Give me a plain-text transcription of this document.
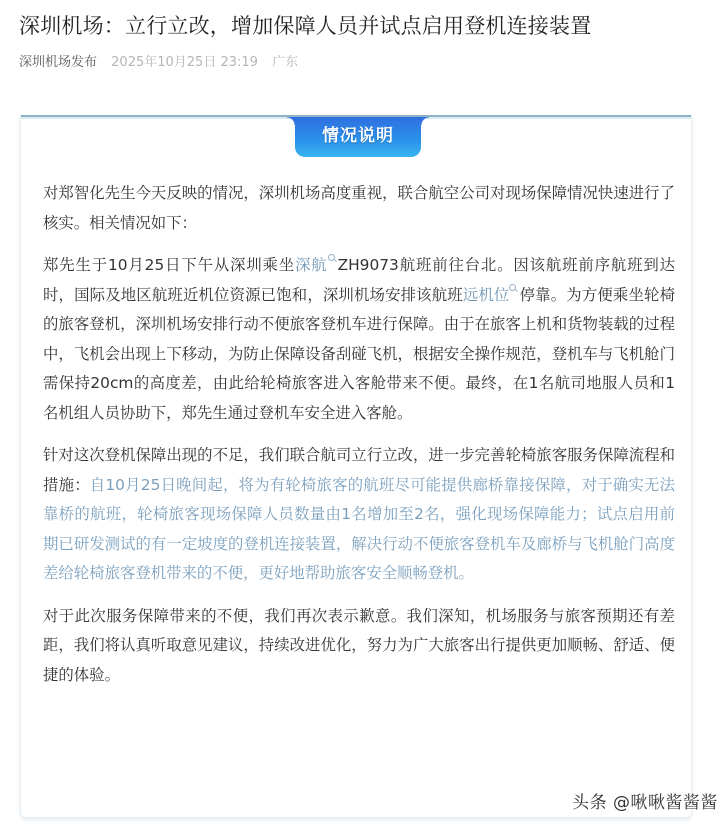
深圳机场：立行立改，增加保障人员并试点启用登机连接装置
深圳机场发布 2025年10月25日 23:19 广东
情况说明

对郑智化先生今天反映的情况，深圳机场高度重视，联合航空公司对现场保障情况快速进行了核实。相关情况如下：

郑先生于10月25日下午从深圳乘坐深航 ZH9073航班前往台北。因该航班前序航班到达时，国际及地区航班近机位资源已饱和，深圳机场安排该航班远机位 停靠。为方便乘坐轮椅的旅客登机，深圳机场安排行动不便旅客登机车进行保障。由于在旅客上机和货物装载的过程中，飞机会出现上下移动，为防止保障设备刮碰飞机，根据安全操作规范，登机车与飞机舱门需保持20cm的高度差，由此给轮椅旅客进入客舱带来不便。最终，在1名航司地服人员和1名机组人员协助下，郑先生通过登机车安全进入客舱。

针对这次登机保障出现的不足，我们联合航司立行立改，进一步完善轮椅旅客服务保障流程和措施：自10月25日晚间起，将为有轮椅旅客的航班尽可能提供廊桥靠接保障，对于确实无法靠桥的航班，轮椅旅客现场保障人员数量由1名增加至2名，强化现场保障能力；试点启用前期已研发测试的有一定坡度的登机连接装置，解决行动不便旅客登机车及廊桥与飞机舱门高度差给轮椅旅客登机带来的不便，更好地帮助旅客安全顺畅登机。

对于此次服务保障带来的不便，我们再次表示歉意。我们深知，机场服务与旅客预期还有差距，我们将认真听取意见建议，持续改进优化，努力为广大旅客出行提供更加顺畅、舒适、便捷的体验。

头条 @啾啾酱酱酱
